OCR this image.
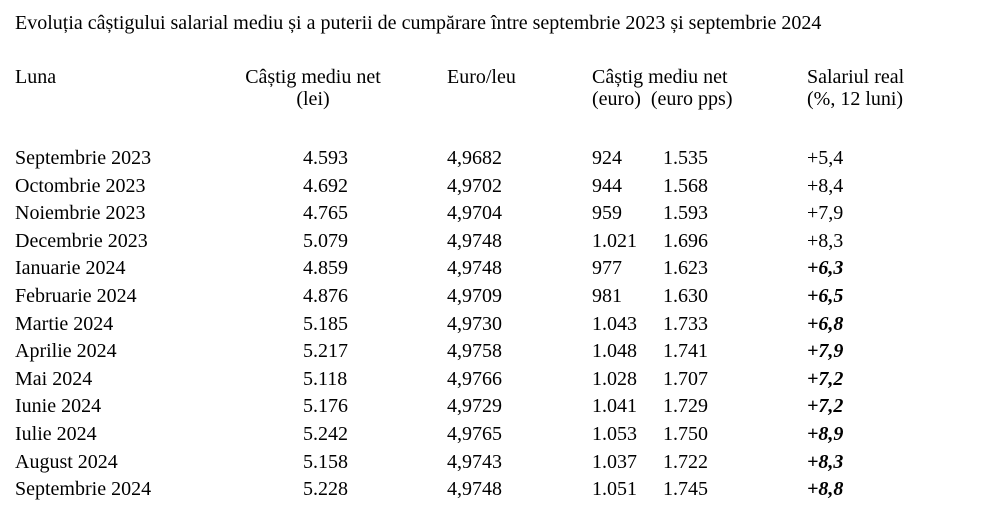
Evoluția câștigului salarial mediu și a puterii de cumpărare între septembrie 2023 și septembrie 2024
Luna	Câștig mediu net
(lei)
Euro/leu	Câștig mediu net
(euro) (euro pps)
Salariul real
(%, 12 luni)
Septembrie 2023	4.593	4,9682	924 1.535	+5,4
Octombrie 2023	4.692	4,9702	944 1.568	+8,4
Noiembrie 2023	4.765	4,9704	959 1.593	+7,9
Decembrie 2023	5.079	4,9748	1.021 1.696	+8,3
Ianuarie 2024	4.859	4,9748	977 1.623	+6,3
Februarie 2024	4.876	4,9709	981 1.630	+6,5
Martie 2024	5.185	4,9730	1.043 1.733	+6,8
Aprilie 2024	5.217	4,9758	1.048 1.741	+7,9
Mai 2024	5.118	4,9766	1.028 1.707	+7,2
Iunie 2024	5.176	4,9729	1.041 1.729	+7,2
Iulie 2024	5.242	4,9765	1.053 1.750	+8,9
August 2024	5.158	4,9743	1.037 1.722	+8,3
Septembrie 2024	5.228	4,9748	1.051 1.745	+8,8
